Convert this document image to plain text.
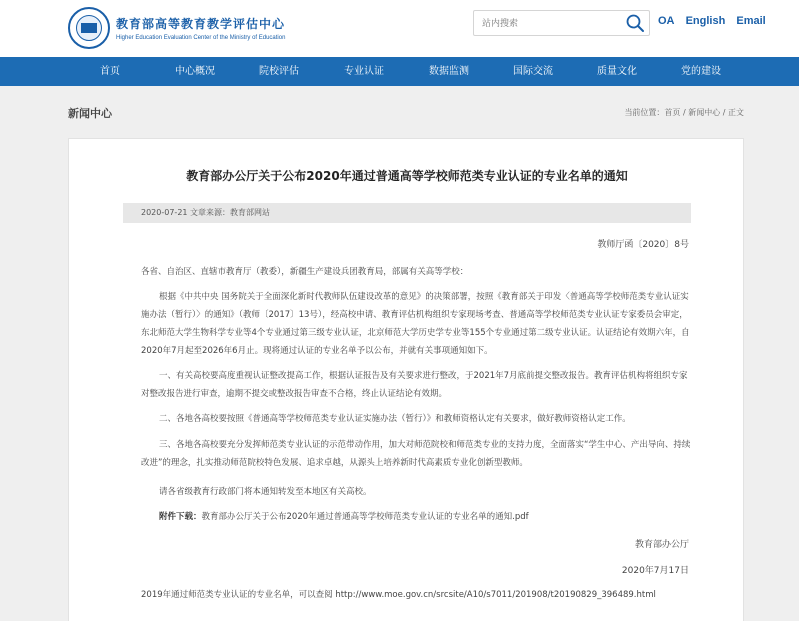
教育部高等教育教学评估中心
Higher Education Evaluation Center of the Ministry of Education
站内搜索
OA English Email
首页	中心概况	院校评估	专业认证	数据监测	国际交流	质量文化	党的建设
新闻中心	当前位置：首页 / 新闻中心 / 正文
教育部办公厅关于公布2020年通过普通高等学校师范类专业认证的专业名单的通知
2020-07-21 文章来源：教育部网站
教师厅函〔2020〕8号
各省、自治区、直辖市教育厅（教委），新疆生产建设兵团教育局，部属有关高等学校：
根据《中共中央 国务院关于全面深化新时代教师队伍建设改革的意见》的决策部署，按照《教育部关于印发〈普通高等学校师范类专业认证实施办法（暂行）〉的通知》（教师〔2017〕13号），经高校申请、教育评估机构组织专家现场考查、普通高等学校师范类专业认证专家委员会审定，东北师范大学生物科学专业等4个专业通过第三级专业认证，北京师范大学历史学专业等155个专业通过第二级专业认证。认证结论有效期六年，自2020年7月起至2026年6月止。现将通过认证的专业名单予以公布，并就有关事项通知如下。
一、有关高校要高度重视认证整改提高工作，根据认证报告及有关要求进行整改，于2021年7月底前提交整改报告。教育评估机构将组织专家对整改报告进行审查，逾期不提交或整改报告审查不合格，终止认证结论有效期。
二、各地各高校要按照《普通高等学校师范类专业认证实施办法（暂行）》和教师资格认定有关要求，做好教师资格认定工作。
三、各地各高校要充分发挥师范类专业认证的示范带动作用，加大对师范院校和师范类专业的支持力度，全面落实“学生中心、产出导向、持续改进”的理念，扎实推动师范院校特色发展、追求卓越，从源头上培养新时代高素质专业化创新型教师。
请各省级教育行政部门将本通知转发至本地区有关高校。
附件下载：教育部办公厅关于公布2020年通过普通高等学校师范类专业认证的专业名单的通知.pdf
教育部办公厅
2020年7月17日
2019年通过师范类专业认证的专业名单，可以查阅 http://www.moe.gov.cn/srcsite/A10/s7011/201908/t20190829_396489.html
